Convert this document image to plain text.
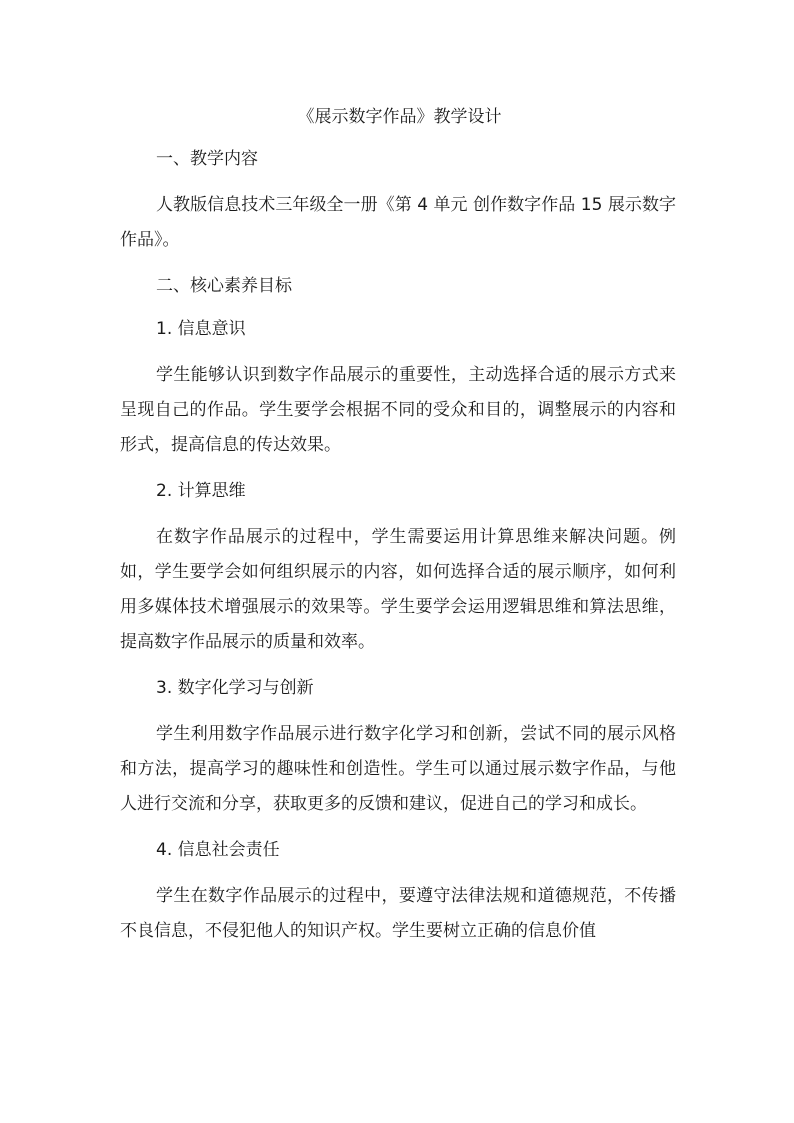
《展示数字作品》教学设计

一、教学内容

人教版信息技术三年级全一册《第 4 单元 创作数字作品 15 展示数字作品》。

二、核心素养目标

1. 信息意识

学生能够认识到数字作品展示的重要性，主动选择合适的展示方式来呈现自己的作品。学生要学会根据不同的受众和目的，调整展示的内容和形式，提高信息的传达效果。

2. 计算思维

在数字作品展示的过程中，学生需要运用计算思维来解决问题。例如，学生要学会如何组织展示的内容，如何选择合适的展示顺序，如何利用多媒体技术增强展示的效果等。学生要学会运用逻辑思维和算法思维，提高数字作品展示的质量和效率。

3. 数字化学习与创新

学生利用数字作品展示进行数字化学习和创新，尝试不同的展示风格和方法，提高学习的趣味性和创造性。学生可以通过展示数字作品，与他人进行交流和分享，获取更多的反馈和建议，促进自己的学习和成长。

4. 信息社会责任

学生在数字作品展示的过程中，要遵守法律法规和道德规范，不传播不良信息，不侵犯他人的知识产权。学生要树立正确的信息价值
